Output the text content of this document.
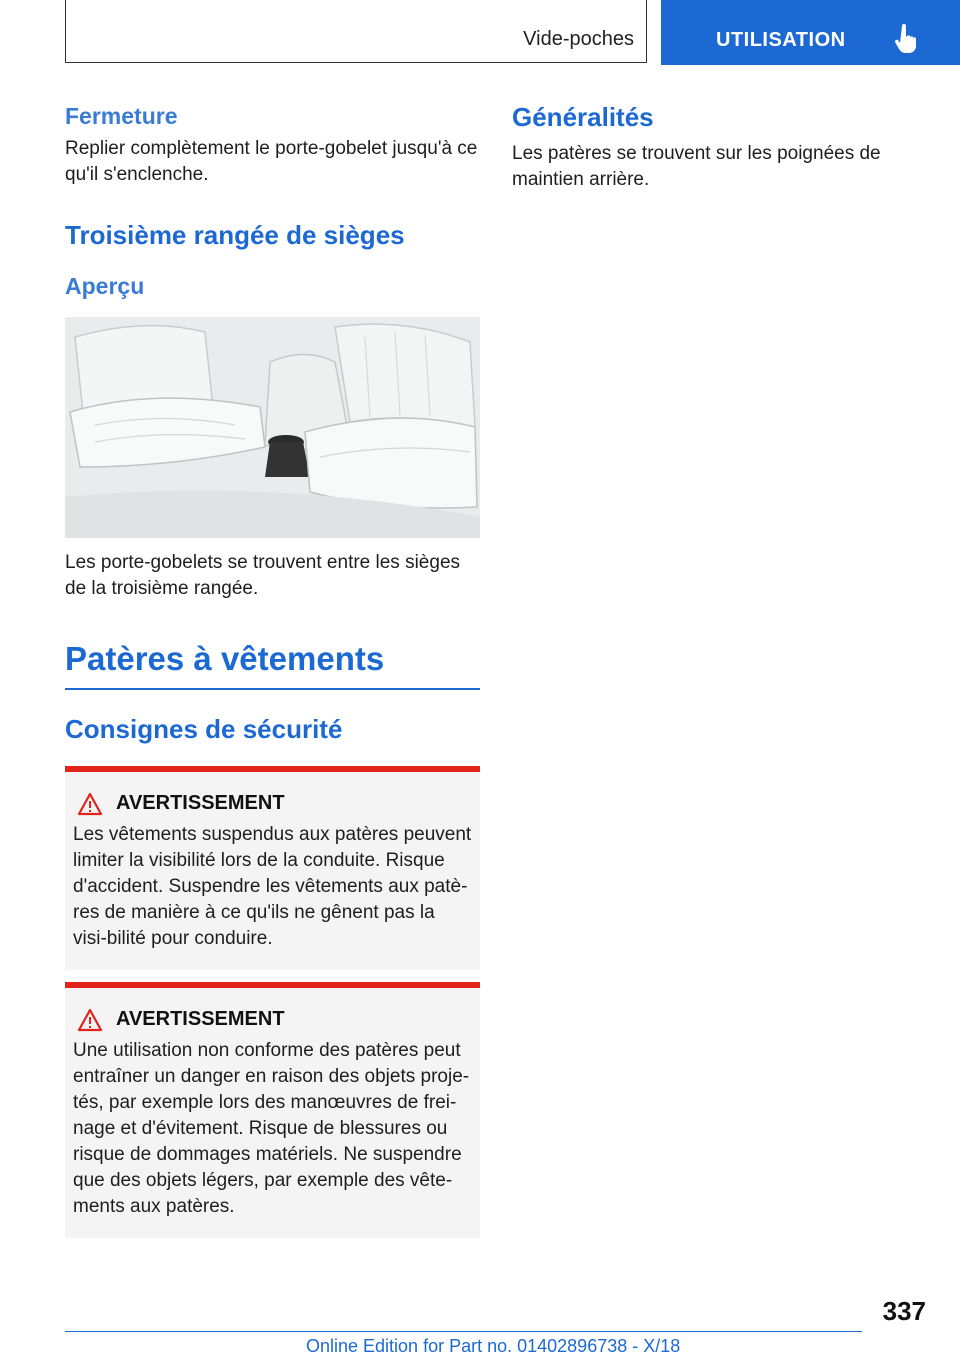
Vide-poches	UTILISATION
Fermeture

Replier complètement le porte-gobelet jusqu'à ce qu'il s'enclenche.

Troisième rangée de sièges
Aperçu

Les porte-gobelets se trouvent entre les sièges de la troisième rangée.

Patères à vêtements
Consignes de sécurité
AVERTISSEMENT

Les vêtements suspendus aux patères peuvent limiter la visibilité lors de la conduite. Risque d'accident. Suspendre les vêtements aux patè-res de manière à ce qu'ils ne gênent pas la visi-bilité pour conduire.

AVERTISSEMENT

Une utilisation non conforme des patères peut entraîner un danger en raison des objets proje-tés, par exemple lors des manœuvres de frei-nage et d'évitement. Risque de blessures ou risque de dommages matériels. Ne suspendre que des objets légers, par exemple des vête-ments aux patères.

Généralités

Les patères se trouvent sur les poignées de maintien arrière.

337
Online Edition for Part no. 01402896738 - X/18
